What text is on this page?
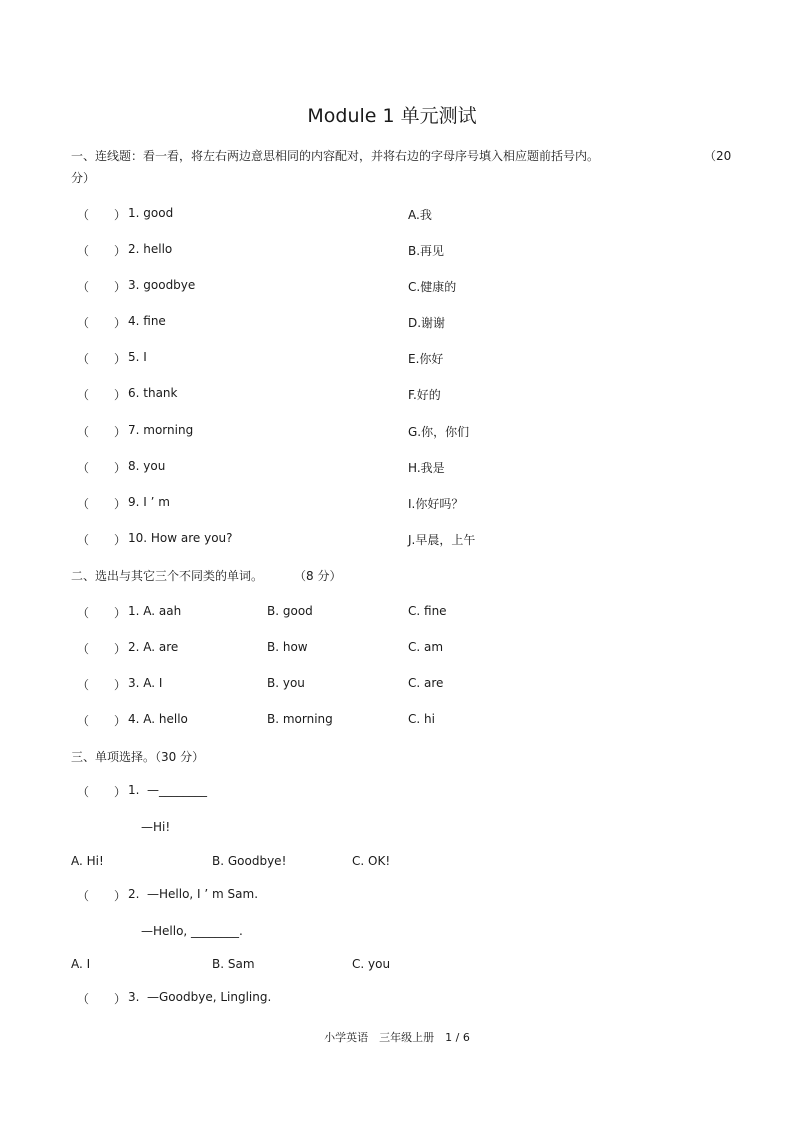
Module 1 单元测试
一、连线题：看一看，将左右两边意思相同的内容配对，并将右边的字母序号填入相应题前括号内。	（20
分）
（ ） 1. good	A.我
（ ） 2. hello	B.再见
（ ） 3. goodbye	C.健康的
（ ） 4. fine	D.谢谢
（ ） 5. I	E.你好
（ ） 6. thank	F.好的
（ ） 7. morning	G.你，你们
（ ） 8. you	H.我是
（ ） 9. I ’ m	I.你好吗？
（ ） 10. How are you?	J.早晨，上午
二、选出与其它三个不同类的单词。	（8 分）
（ ） 1. A. aah	B. good	C. fine
（ ） 2. A. are	B. how	C. am
（ ） 3. A. I	B. you	C. are
（ ） 4. A. hello	B. morning	C. hi
三、单项选择。（30 分）
（ ） 1. —________
—Hi!
A. Hi!	B. Goodbye!	C. OK!
（ ） 2. —Hello, I ’ m Sam.
—Hello, ________.
A. I	B. Sam	C. you
（ ） 3. —Goodbye, Lingling.
小学英语　三年级上册　1 / 6
